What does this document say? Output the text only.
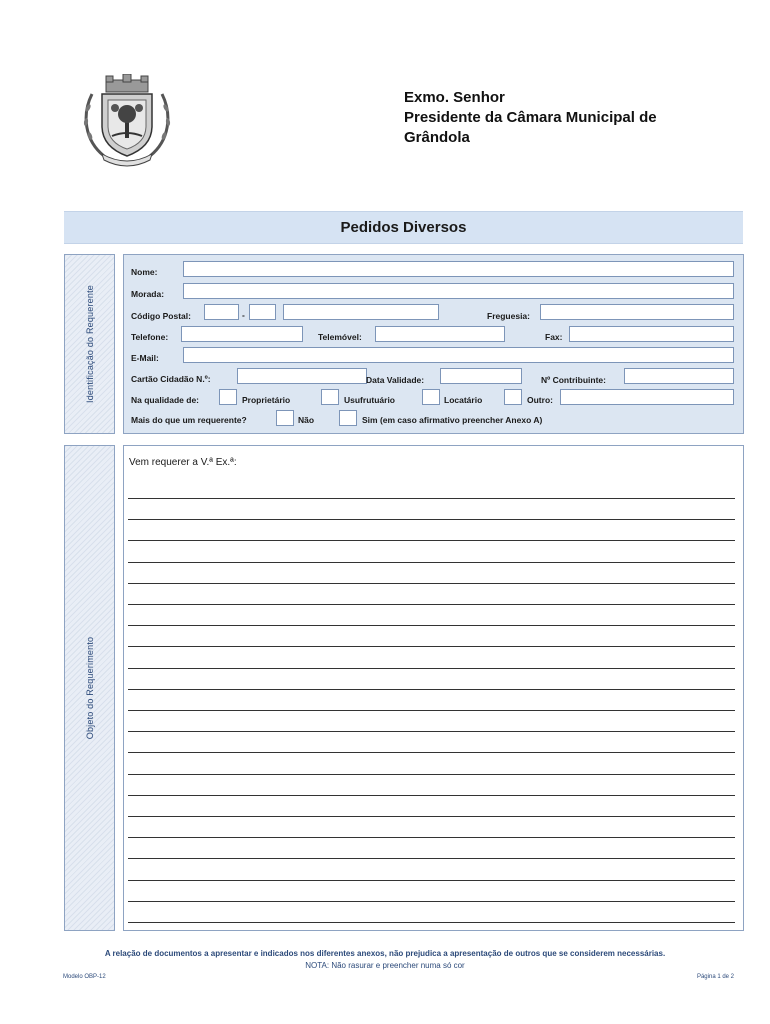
Exmo. Senhor
Presidente da Câmara Municipal de
Grândola
Pedidos Diversos
Identificação do Requerente
Nome:
Morada:
Código Postal:	-	Freguesia:
Telefone:	Telemóvel:	Fax:
E-Mail:
Cartão Cidadão N.º:	Data Validade:	Nº Contribuinte:
Na qualidade de:	Proprietário	Usufrutuário	Locatário	Outro:
Mais do que um requerente?	Não	Sim (em caso afirmativo preencher Anexo A)
Objeto do Requerimento
Vem requerer a V.ª Ex.ª:
A relação de documentos a apresentar e indicados nos diferentes anexos, não prejudica a apresentação de outros que se considerem necessárias.
NOTA: Não rasurar e preencher numa só cor
Modelo OBP-12	Página 1 de 2
